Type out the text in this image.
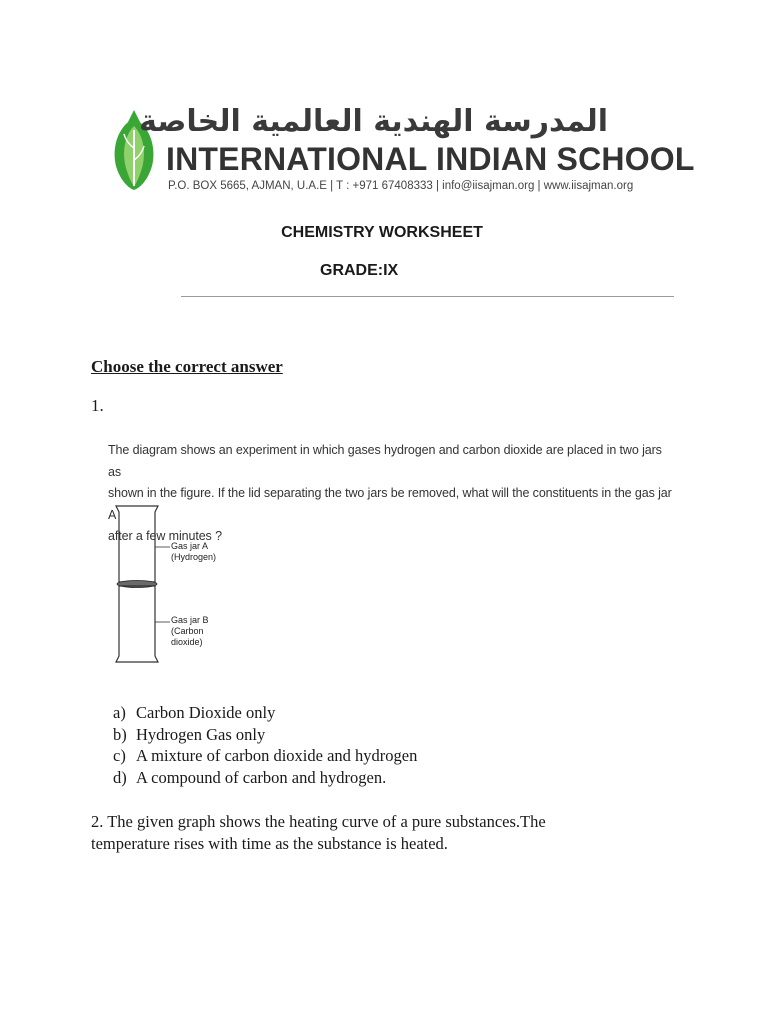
المدرسة الهندية العالمية الخاصة
INTERNATIONAL INDIAN SCHOOL
P.O. BOX 5665, AJMAN, U.A.E | T : +971 67408333 | info@iisajman.org | www.iisajman.org
CHEMISTRY WORKSHEET
GRADE:IX
Choose the correct answer
1.
The diagram shows an experiment in which gases hydrogen and carbon dioxide are placed in two jars as
shown in the figure. If the lid separating the two jars be removed, what will the constituents in the gas jar A
after a few minutes ?
Gas jar A
(Hydrogen)
Gas jar B
(Carbon
dioxide)
a) Carbon Dioxide only
b) Hydrogen Gas only
c) A mixture of carbon dioxide and hydrogen
d) A compound of carbon and hydrogen.
2. The given graph shows the heating curve of a pure substances.The
temperature rises with time as the substance is heated.
